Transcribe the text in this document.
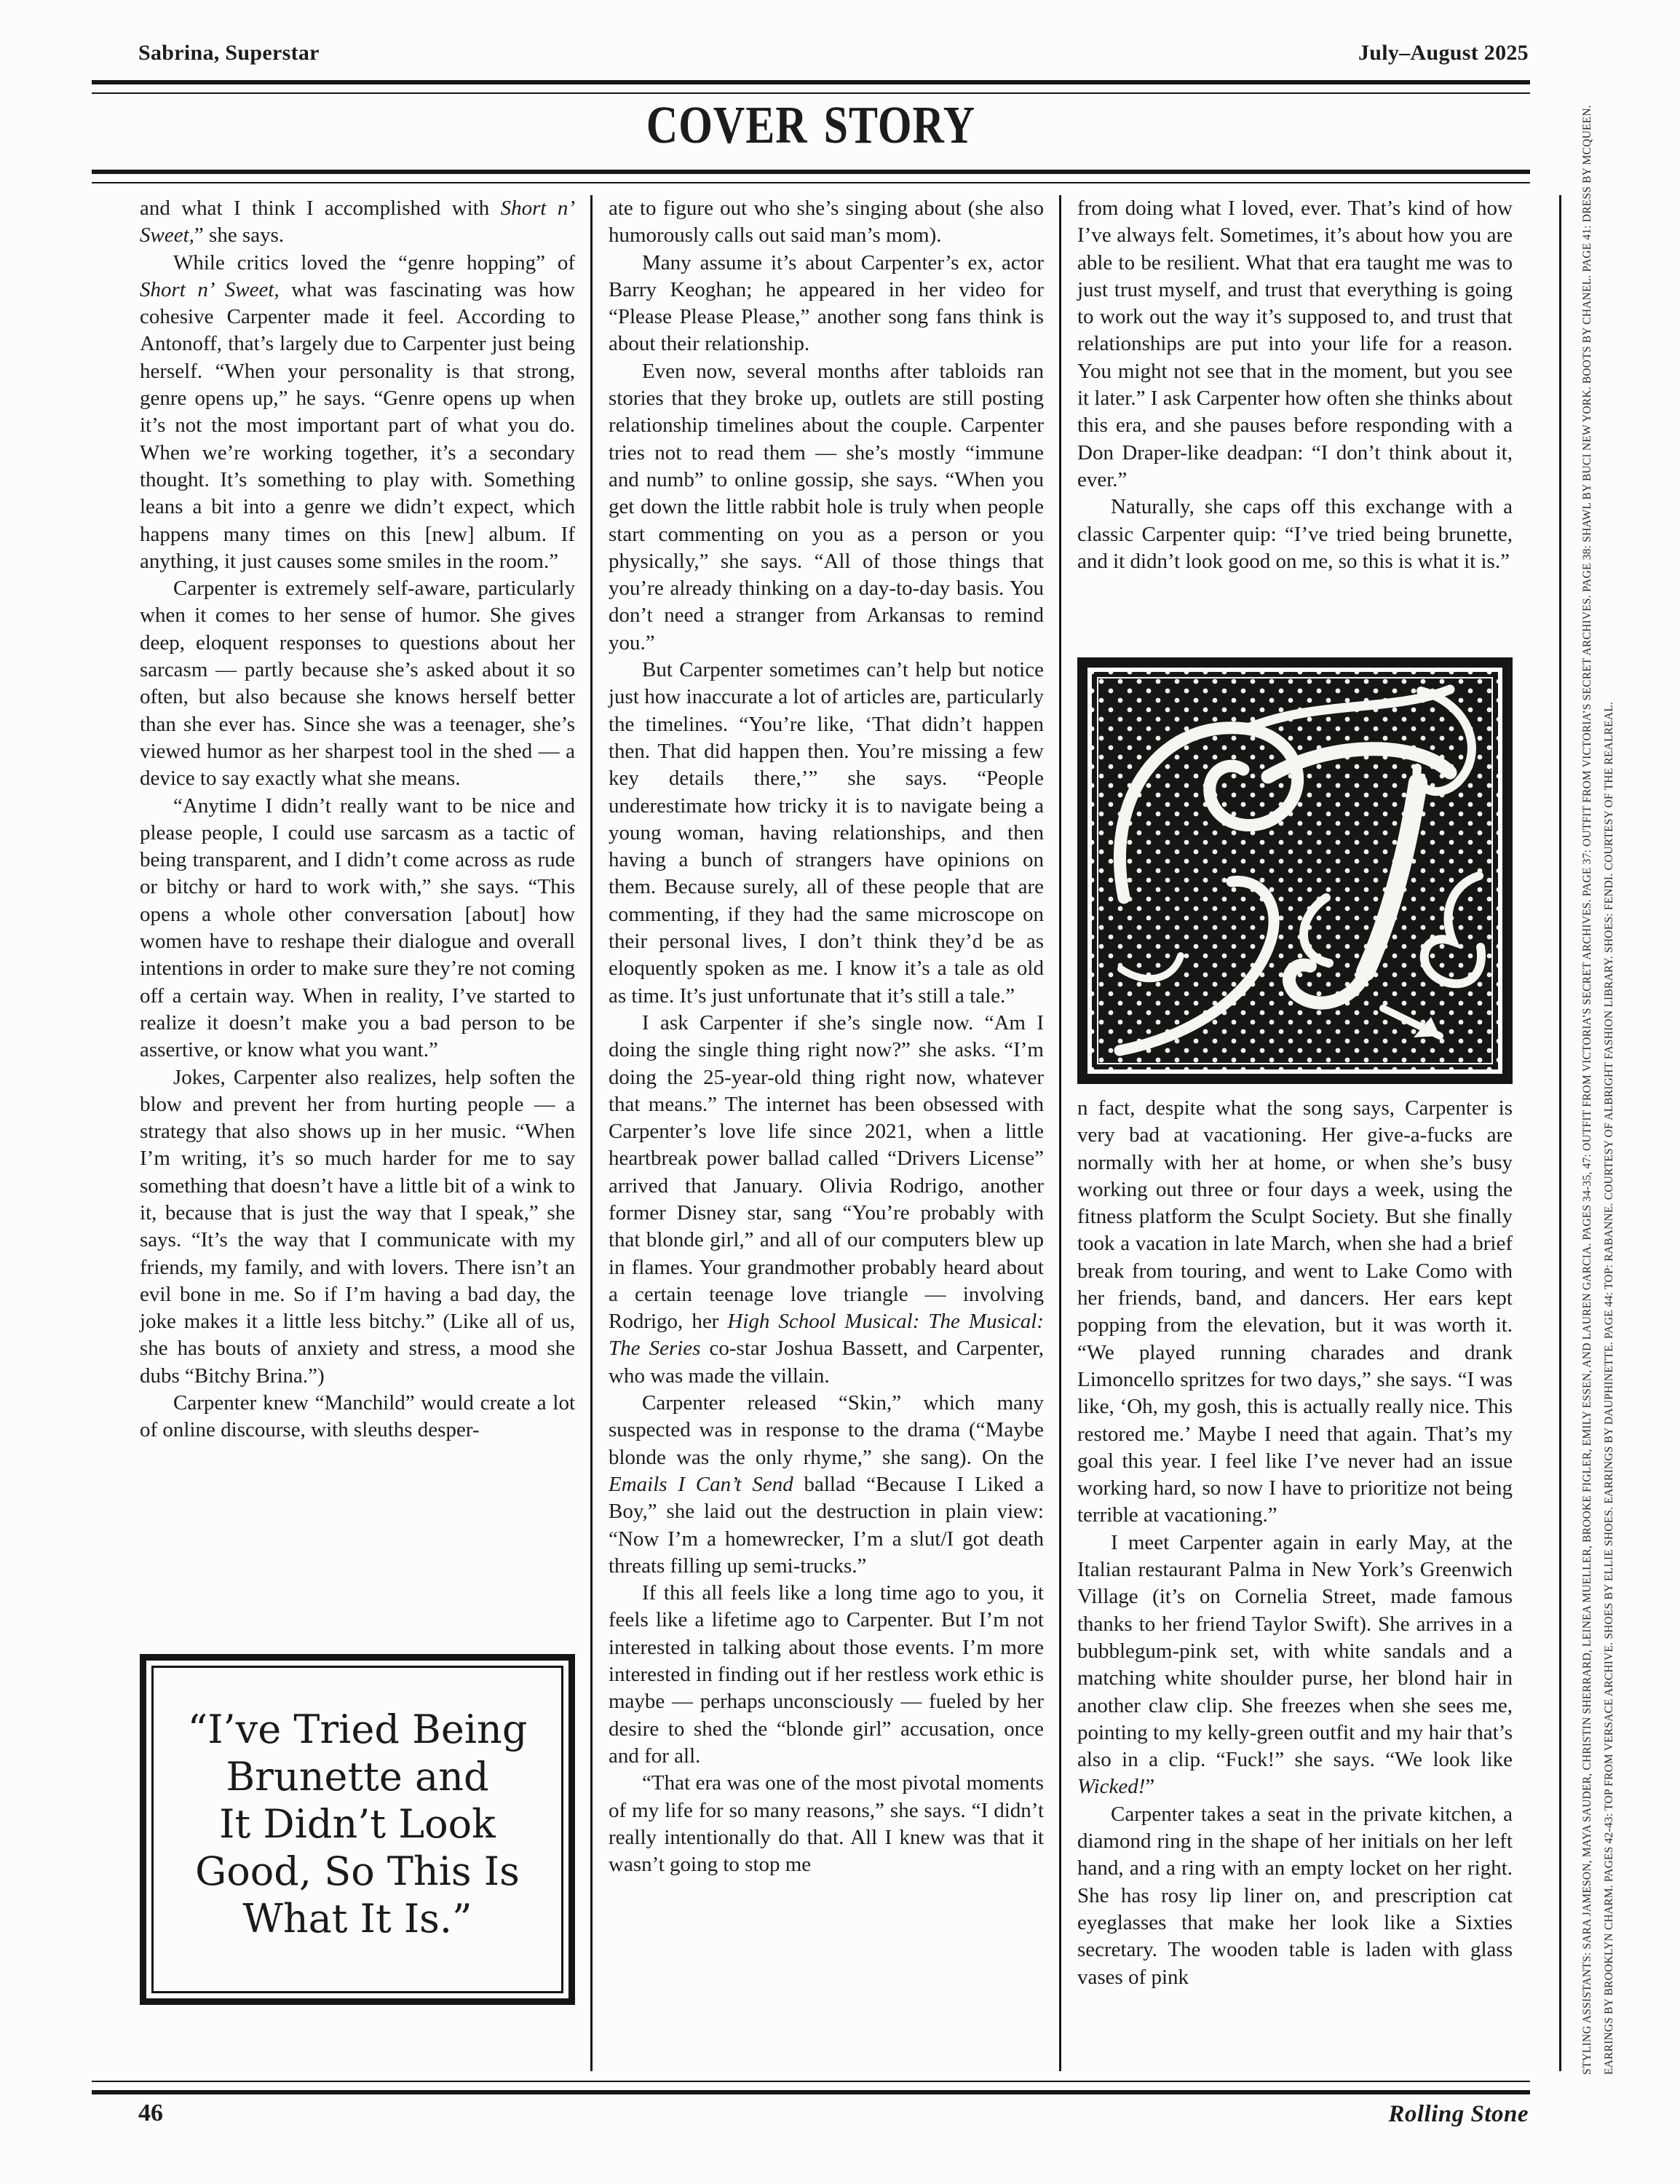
Sabrina, Superstar	July–August 2025
COVER STORY

and what I think I accomplished with Short n’ Sweet,” she says.

While critics loved the “genre hopping” of Short n’ Sweet, what was fascinating was how cohesive Carpenter made it feel. According to Antonoff, that’s largely due to Carpenter just being herself. “When your personality is that strong, genre opens up,” he says. “Genre opens up when it’s not the most important part of what you do. When we’re working together, it’s a secondary thought. It’s something to play with. Something leans a bit into a genre we didn’t expect, which happens many times on this [new] album. If anything, it just causes some smiles in the room.”

Carpenter is extremely self-aware, particularly when it comes to her sense of humor. She gives deep, eloquent responses to questions about her sarcasm — partly because she’s asked about it so often, but also because she knows herself better than she ever has. Since she was a teenager, she’s viewed humor as her sharpest tool in the shed — a device to say exactly what she means.

“Anytime I didn’t really want to be nice and please people, I could use sarcasm as a tactic of being transparent, and I didn’t come across as rude or bitchy or hard to work with,” she says. “This opens a whole other conversation [about] how women have to reshape their dialogue and overall intentions in order to make sure they’re not coming off a certain way. When in reality, I’ve started to realize it doesn’t make you a bad person to be assertive, or know what you want.”

Jokes, Carpenter also realizes, help soften the blow and prevent her from hurting people — a strategy that also shows up in her music. “When I’m writing, it’s so much harder for me to say something that doesn’t have a little bit of a wink to it, because that is just the way that I speak,” she says. “It’s the way that I communicate with my friends, my family, and with lovers. There isn’t an evil bone in me. So if I’m having a bad day, the joke makes it a little less bitchy.” (Like all of us, she has bouts of anxiety and stress, a mood she dubs “Bitchy Brina.”)

Carpenter knew “Manchild” would create a lot of online discourse, with sleuths desper-

ate to figure out who she’s singing about (she also humorously calls out said man’s mom).

Many assume it’s about Carpenter’s ex, actor Barry Keoghan; he appeared in her video for “Please Please Please,” another song fans think is about their relationship.

Even now, several months after tabloids ran stories that they broke up, outlets are still posting relationship timelines about the couple. Carpenter tries not to read them — she’s mostly “immune and numb” to online gossip, she says. “When you get down the little rabbit hole is truly when people start commenting on you as a person or you physically,” she says. “All of those things that you’re already thinking on a day-to-day basis. You don’t need a stranger from Arkansas to remind you.”

But Carpenter sometimes can’t help but notice just how inaccurate a lot of articles are, particularly the timelines. “You’re like, ‘That didn’t happen then. That did happen then. You’re missing a few key details there,’” she says. “People underestimate how tricky it is to navigate being a young woman, having relationships, and then having a bunch of strangers have opinions on them. Because surely, all of these people that are commenting, if they had the same microscope on their personal lives, I don’t think they’d be as eloquently spoken as me. I know it’s a tale as old as time. It’s just unfortunate that it’s still a tale.”

I ask Carpenter if she’s single now. “Am I doing the single thing right now?” she asks. “I’m doing the 25-year-old thing right now, whatever that means.” The internet has been obsessed with Carpenter’s love life since 2021, when a little heartbreak power ballad called “Drivers License” arrived that January. Olivia Rodrigo, another former Disney star, sang “You’re probably with that blonde girl,” and all of our computers blew up in flames. Your grandmother probably heard about a certain teenage love triangle — involving Rodrigo, her High School Musical: The Musical: The Series co-star Joshua Bassett, and Carpenter, who was made the villain.

Carpenter released “Skin,” which many suspected was in response to the drama (“Maybe blonde was the only rhyme,” she sang). On the Emails I Can’t Send ballad “Because I Liked a Boy,” she laid out the destruction in plain view: “Now I’m a homewrecker, I’m a slut/I got death threats filling up semi-trucks.”

If this all feels like a long time ago to you, it feels like a lifetime ago to Carpenter. But I’m not interested in talking about those events. I’m more interested in finding out if her restless work ethic is maybe — perhaps unconsciously — fueled by her desire to shed the “blonde girl” accusation, once and for all.

“That era was one of the most pivotal moments of my life for so many reasons,” she says. “I didn’t really intentionally do that. All I knew was that it wasn’t going to stop me

from doing what I loved, ever. That’s kind of how I’ve always felt. Sometimes, it’s about how you are able to be resilient. What that era taught me was to just trust myself, and trust that everything is going to work out the way it’s supposed to, and trust that relationships are put into your life for a reason. You might not see that in the moment, but you see it later.” I ask Carpenter how often she thinks about this era, and she pauses before responding with a Don Draper-like deadpan: “I don’t think about it, ever.”

Naturally, she caps off this exchange with a classic Carpenter quip: “I’ve tried being brunette, and it didn’t look good on me, so this is what it is.”

n fact, despite what the song says, Carpenter is very bad at vacationing. Her give-a-fucks are normally with her at home, or when she’s busy working out three or four days a week, using the fitness platform the Sculpt Society. But she finally took a vacation in late March, when she had a brief break from touring, and went to Lake Como with her friends, band, and dancers. Her ears kept popping from the elevation, but it was worth it. “We played running charades and drank Limoncello spritzes for two days,” she says. “I was like, ‘Oh, my gosh, this is actually really nice. This restored me.’ Maybe I need that again. That’s my goal this year. I feel like I’ve never had an issue working hard, so now I have to prioritize not being terrible at vacationing.”

I meet Carpenter again in early May, at the Italian restaurant Palma in New York’s Greenwich Village (it’s on Cornelia Street, made famous thanks to her friend Taylor Swift). She arrives in a bubblegum-pink set, with white sandals and a matching white shoulder purse, her blond hair in another claw clip. She freezes when she sees me, pointing to my kelly-green outfit and my hair that’s also in a clip. “Fuck!” she says. “We look like Wicked!”

Carpenter takes a seat in the private kitchen, a diamond ring in the shape of her initials on her left hand, and a ring with an empty locket on her right. She has rosy lip liner on, and prescription cat eyeglasses that make her look like a Sixties secretary. The wooden table is laden with glass vases of pink

“I’ve Tried Being
Brunette and
It Didn’t Look
Good, So This Is
What It Is.”	STYLING ASSISTANTS: SARA JAMESON, MAYA SAUDER, CHRISTIN SHERRARD, LEINEA MUELLER, BROOKE FIGLER, EMILY ESSEN, AND LAUREN GARCIA. PAGES 34-35, 47: OUTFIT FROM VICTORIA’S SECRET ARCHIVES. PAGE 37: OUTFIT FROM VICTORIA’S SECRET ARCHIVES. PAGE 38: SHAWL BY BUCI NEW YORK. BOOTS BY CHANEL. PAGE 41: DRESS BY MCQUEEN. EARRINGS BY BROOKLYN CHARM. PAGES 42-43: TOP FROM VERSACE ARCHIVE. SHOES BY ELLIE SHOES. EARRINGS BY DAUPHINETTE. PAGE 44: TOP: RABANNE. COURTESY OF ALBRIGHT FASHION LIBRARY. SHOES: FENDI. COURTESY OF THE REALREAL.
46	Rolling Stone
